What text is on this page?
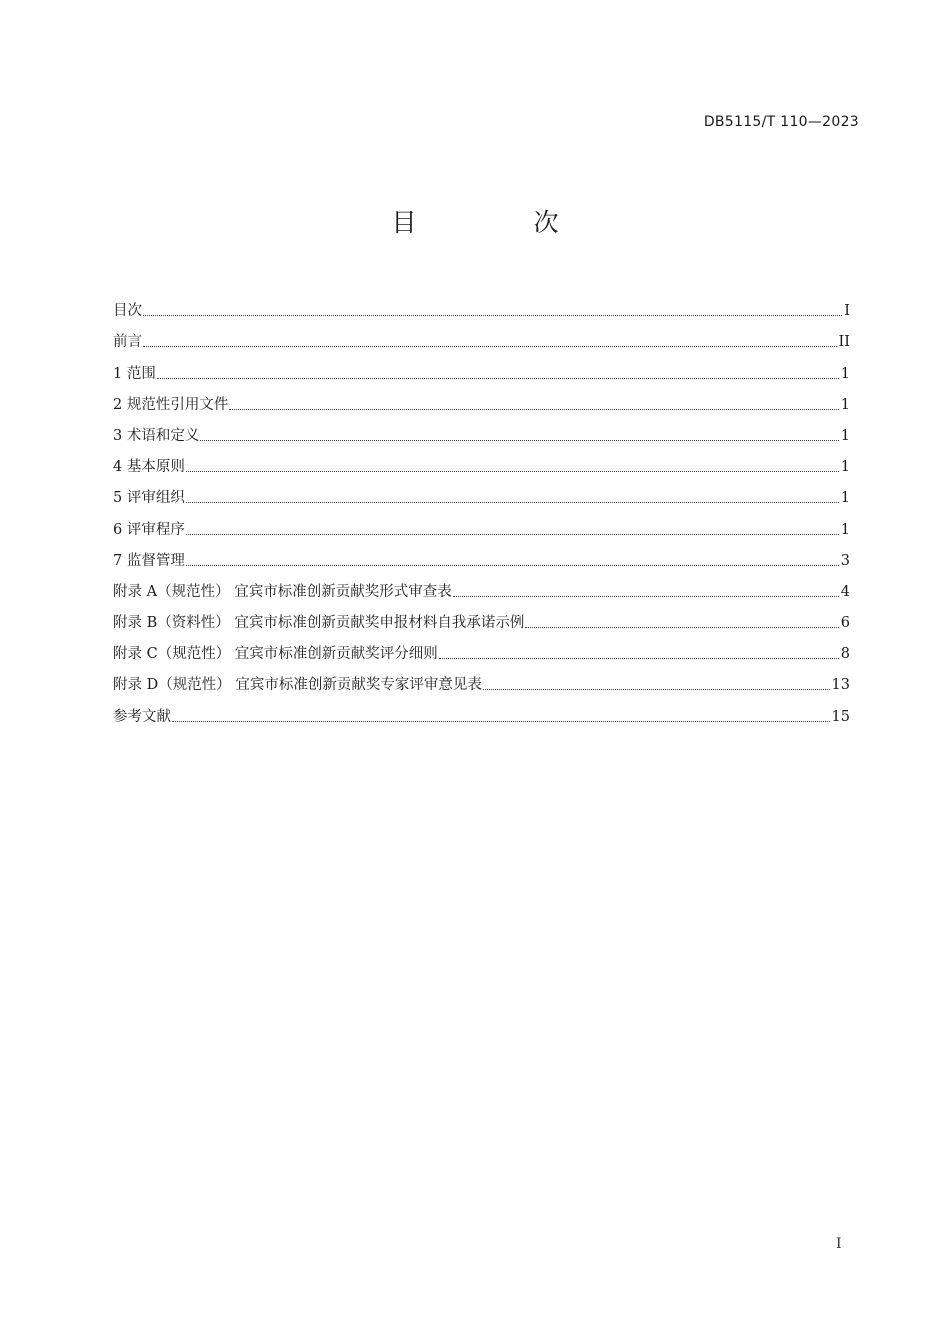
DB5115/T 110—2023
目　次
目次	I
前言	II
1 范围	1
2 规范性引用文件	1
3 术语和定义	1
4 基本原则	1
5 评审组织	1
6 评审程序	1
7 监督管理	3
附录 A（规范性） 宜宾市标准创新贡献奖形式审查表	4
附录 B（资料性） 宜宾市标准创新贡献奖申报材料自我承诺示例	6
附录 C（规范性） 宜宾市标准创新贡献奖评分细则	8
附录 D（规范性） 宜宾市标准创新贡献奖专家评审意见表	13
参考文献	15
I
